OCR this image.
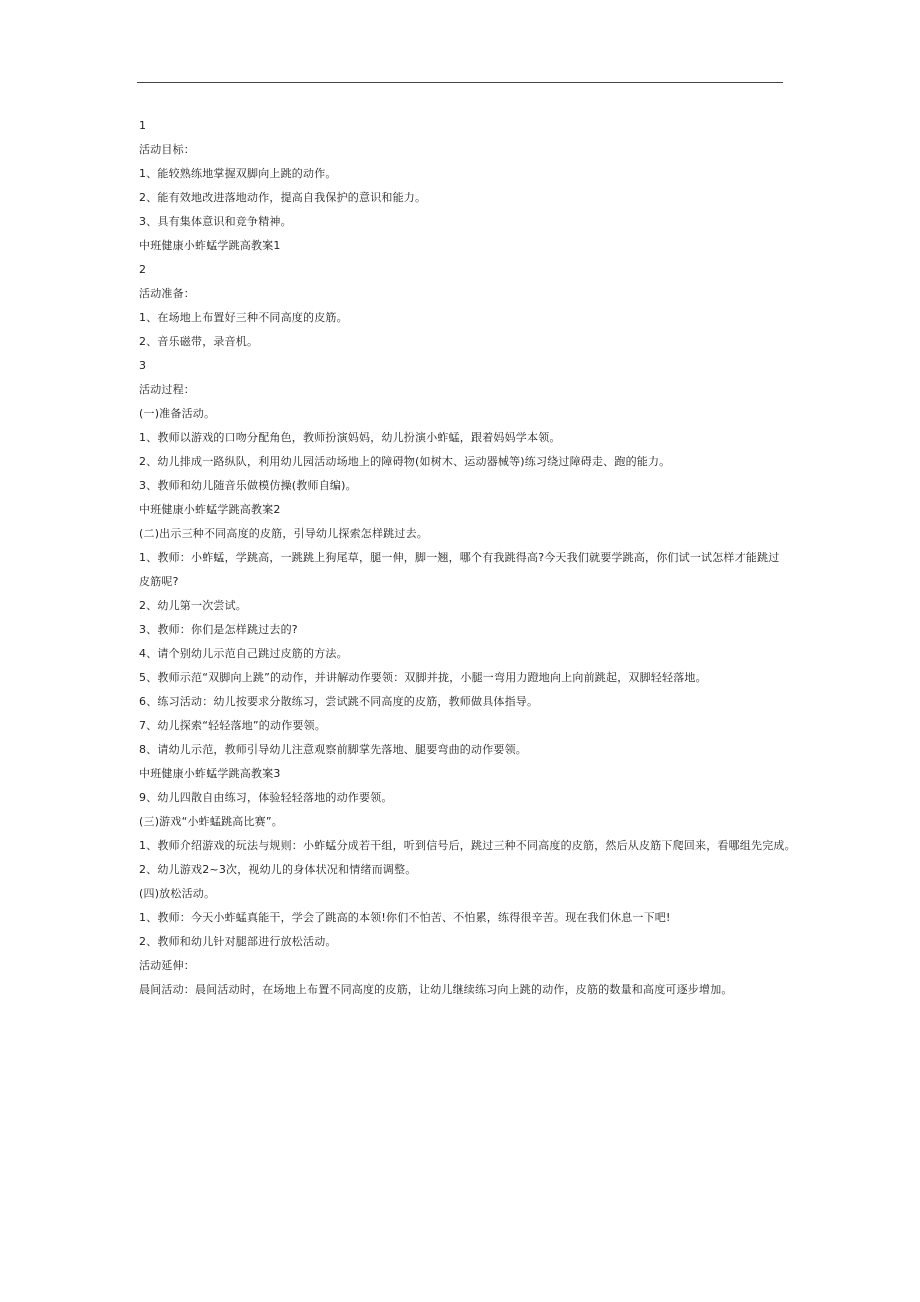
1
活动目标：
1、能较熟练地掌握双脚向上跳的动作。
2、能有效地改进落地动作，提高自我保护的意识和能力。
3、具有集体意识和竞争精神。
中班健康小蚱蜢学跳高教案1
2
活动准备：
1、在场地上布置好三种不同高度的皮筋。
2、音乐磁带，录音机。
3
活动过程：
(一)准备活动。
1、教师以游戏的口吻分配角色，教师扮演妈妈，幼儿扮演小蚱蜢，跟着妈妈学本领。
2、幼儿排成一路纵队，利用幼儿园活动场地上的障碍物(如树木、运动器械等)练习绕过障碍走、跑的能力。
3、教师和幼儿随音乐做模仿操(教师自编)。
中班健康小蚱蜢学跳高教案2
(二)出示三种不同高度的皮筋，引导幼儿探索怎样跳过去。
1、教师：小蚱蜢，学跳高，一跳跳上狗尾草，腿一伸，脚一翘，哪个有我跳得高?今天我们就要学跳高，你们试一试怎样才能跳过皮筋呢?
2、幼儿第一次尝试。
3、教师：你们是怎样跳过去的?
4、请个别幼儿示范自己跳过皮筋的方法。
5、教师示范“双脚向上跳”的动作，并讲解动作要领：双脚并拢，小腿一弯用力蹬地向上向前跳起，双脚轻轻落地。
6、练习活动：幼儿按要求分散练习，尝试跳不同高度的皮筋，教师做具体指导。
7、幼儿探索“轻轻落地”的动作要领。
8、请幼儿示范，教师引导幼儿注意观察前脚掌先落地、腿要弯曲的动作要领。
中班健康小蚱蜢学跳高教案3
9、幼儿四散自由练习，体验轻轻落地的动作要领。
(三)游戏“小蚱蜢跳高比赛”。
1、教师介绍游戏的玩法与规则：小蚱蜢分成若干组，听到信号后，跳过三种不同高度的皮筋，然后从皮筋下爬回来，看哪组先完成。
2、幼儿游戏2~3次，视幼儿的身体状况和情绪而调整。
(四)放松活动。
1、教师：今天小蚱蜢真能干，学会了跳高的本领!你们不怕苦、不怕累，练得很辛苦。现在我们休息一下吧!
2、教师和幼儿针对腿部进行放松活动。
活动延伸：
晨间活动：晨间活动时，在场地上布置不同高度的皮筋，让幼儿继续练习向上跳的动作，皮筋的数量和高度可逐步增加。
